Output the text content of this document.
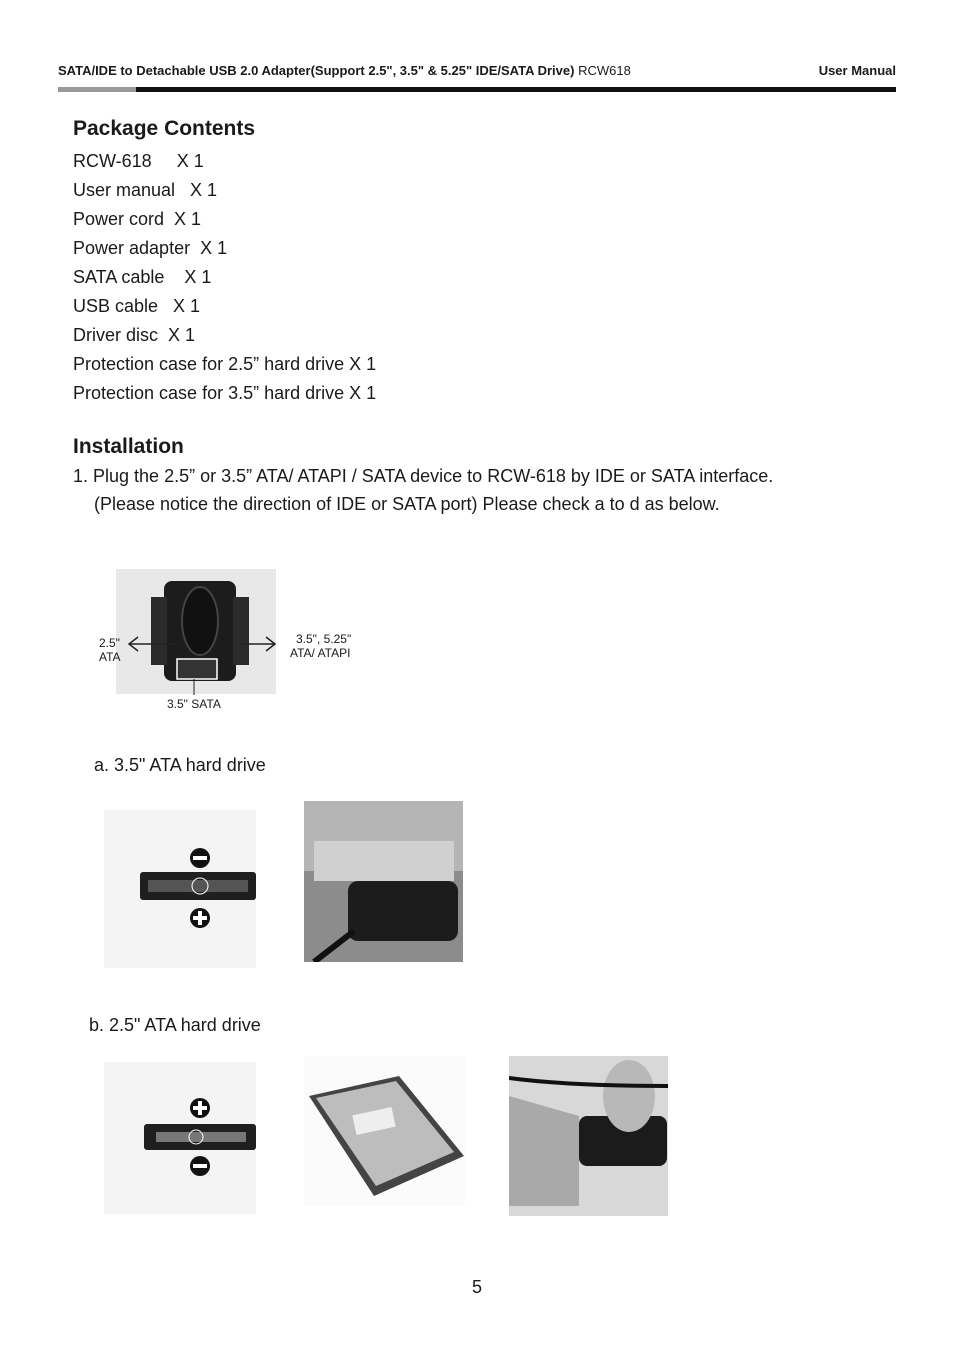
SATA/IDE to Detachable USB 2.0 Adapter(Support 2.5", 3.5" & 5.25" IDE/SATA Drive) RCW618	User Manual
Package Contents
RCW-618     X 1
User manual   X 1
Power cord  X 1
Power adapter  X 1
SATA cable    X 1
USB cable   X 1
Driver disc  X 1
Protection case for 2.5” hard drive X 1
Protection case for 3.5” hard drive X 1
Installation
1. Plug the 2.5” or 3.5” ATA/ ATAPI / SATA device to RCW-618 by IDE or SATA interface.
(Please notice the direction of IDE or SATA port) Please check a to d as below.
2.5"
ATA
3.5", 5.25"
ATA/ ATAPI
3.5" SATA
a. 3.5" ATA hard drive
b. 2.5" ATA hard drive
5
